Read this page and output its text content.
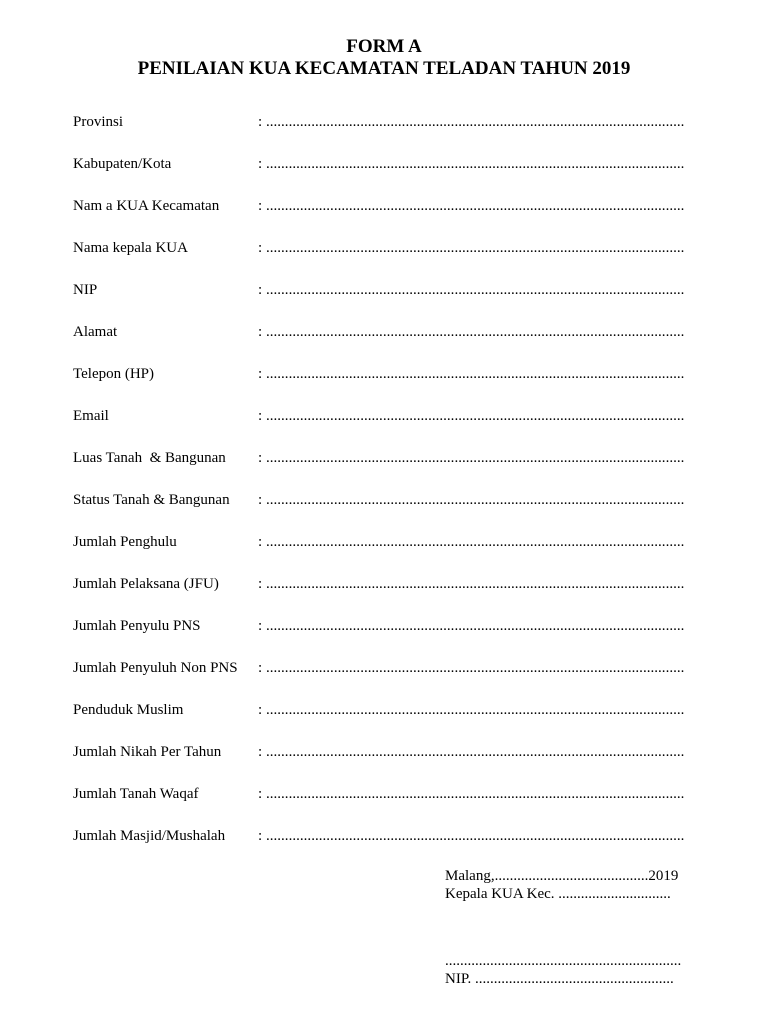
FORM A
PENILAIAN KUA KECAMATAN TELADAN TAHUN 2019
Provinsi	: ...............................................................................................................
Kabupaten/Kota	: ...............................................................................................................
Nam a KUA Kecamatan	: ...............................................................................................................
Nama kepala KUA	: ...............................................................................................................
NIP	: ...............................................................................................................
Alamat	: ...............................................................................................................
Telepon (HP)	: ...............................................................................................................
Email	: ...............................................................................................................
Luas Tanah  & Bangunan : ...............................................................................................................
Status Tanah & Bangunan : ...............................................................................................................
Jumlah Penghulu	: ...............................................................................................................
Jumlah Pelaksana (JFU)	: ...............................................................................................................
Jumlah Penyulu PNS	: ...............................................................................................................
Jumlah Penyuluh Non PNS : ...............................................................................................................
Penduduk Muslim	: ...............................................................................................................
Jumlah Nikah Per Tahun : ...............................................................................................................
Jumlah Tanah Waqaf	: ...............................................................................................................
Jumlah Masjid/Mushalah : ...............................................................................................................
Malang,.........................................2019
Kepala KUA Kec. ..............................
...............................................................
NIP. .....................................................
